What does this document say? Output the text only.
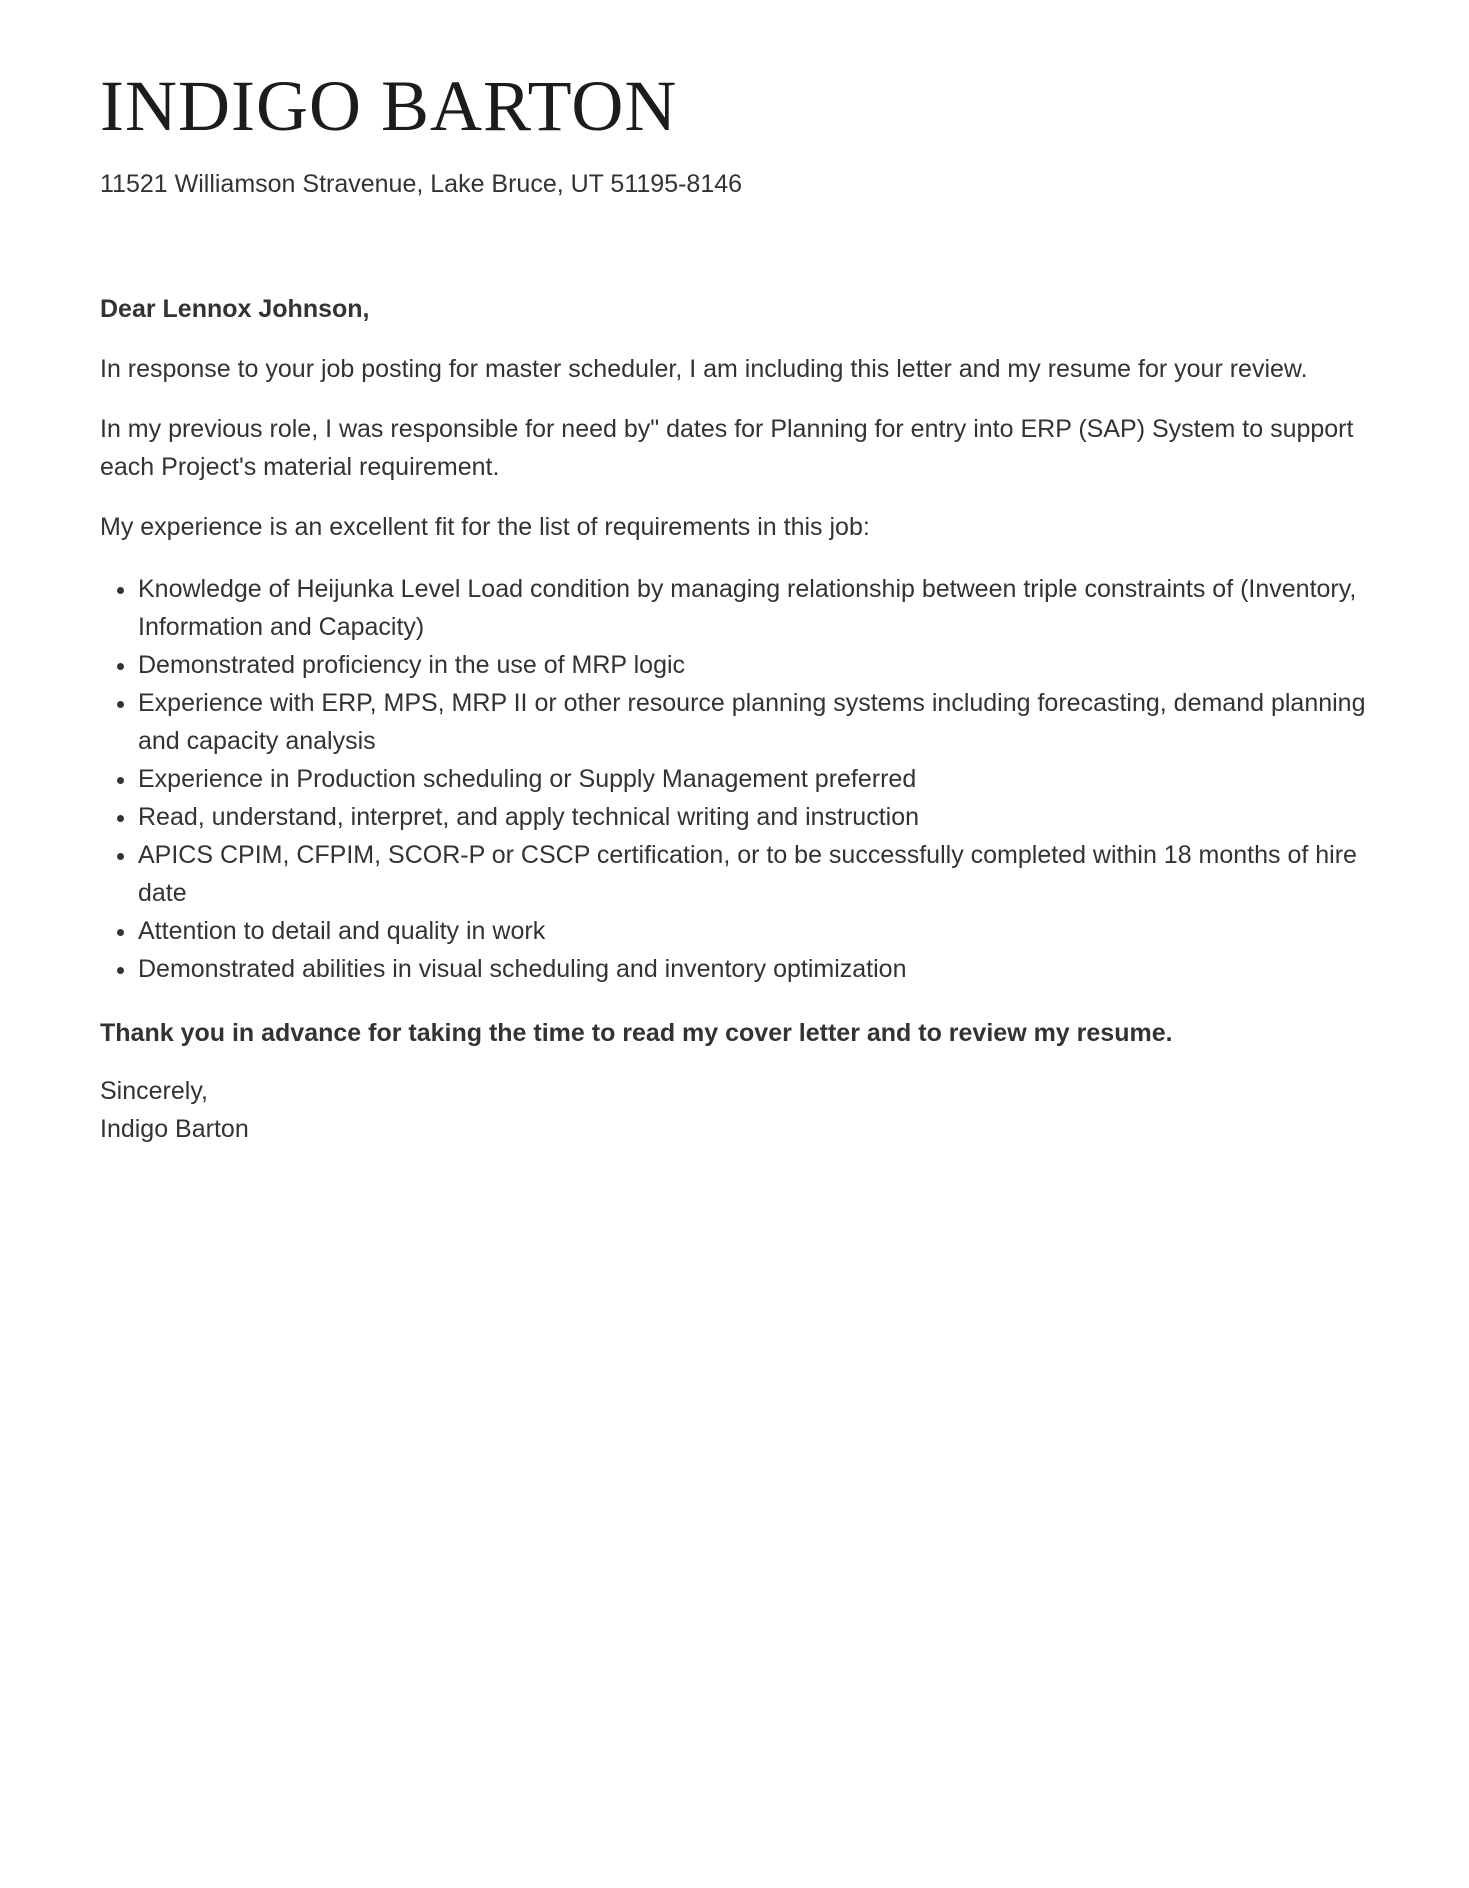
INDIGO BARTON
11521 Williamson Stravenue, Lake Bruce, UT 51195-8146
Dear Lennox Johnson,

In response to your job posting for master scheduler, I am including this letter and my resume for your review.

In my previous role, I was responsible for need by" dates for Planning for entry into ERP (SAP) System to support each Project's material requirement.

My experience is an excellent fit for the list of requirements in this job:

• Knowledge of Heijunka Level Load condition by managing relationship between triple constraints of (Inventory, Information and Capacity)
• Demonstrated proficiency in the use of MRP logic
• Experience with ERP, MPS, MRP II or other resource planning systems including forecasting, demand planning and capacity analysis
• Experience in Production scheduling or Supply Management preferred
• Read, understand, interpret, and apply technical writing and instruction
• APICS CPIM, CFPIM, SCOR-P or CSCP certification, or to be successfully completed within 18 months of hire date
• Attention to detail and quality in work
• Demonstrated abilities in visual scheduling and inventory optimization

Thank you in advance for taking the time to read my cover letter and to review my resume.

Sincerely,
Indigo Barton
